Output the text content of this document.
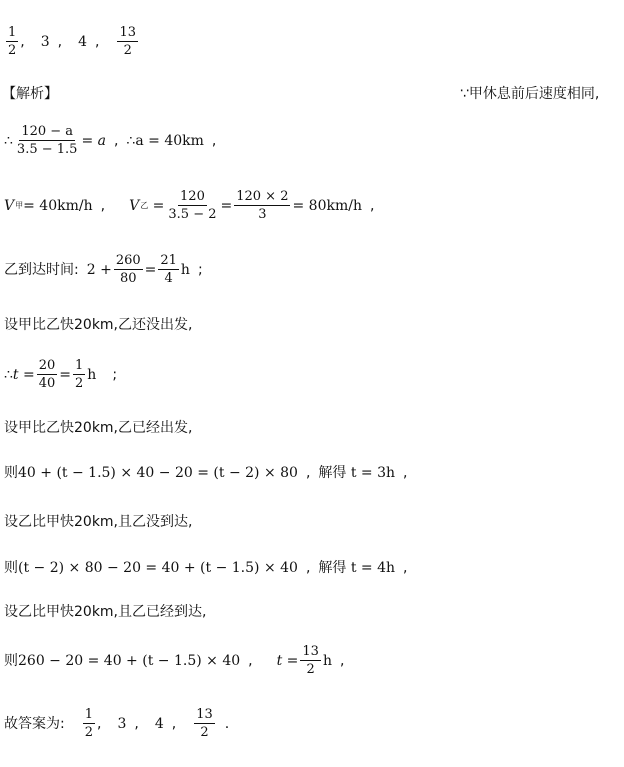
$\frac{1}{2}$ , 3 , 4 , $\frac{13}{2}$
【解析】	∵甲休息前后速度相同,
∴ $\frac{120 - a}{3.5 - 1.5} = a$ , ∴ a = 40km ,
V 甲 = 40km/h , V 乙 = $\frac{120}{3.5 - 2} = \frac{120 \times 2}{3} = 80km/h$ ,
乙到达时间: $2 + \frac{260}{80} = \frac{21}{4}$ h ;
设甲比乙快20km,乙还没出发,
∴ $t = \frac{20}{40} = \frac{1}{2}$ h ;
设甲比乙快20km,乙已经出发,
则40 + (t − 1.5) × 40 − 20 = (t − 2) × 80 , 解得 t = 3h ,
设乙比甲快20km,且乙没到达,
则(t − 2) × 80 − 20 = 40 + (t − 1.5) × 40 , 解得 t = 4h ,
设乙比甲快20km,且乙已经到达,
则260 − 20 = 40 + (t − 1.5) × 40 , $t = \frac{13}{2}$ h ,
故答案为: $\frac{1}{2}$ , 3 , 4 , $\frac{13}{2}$ .
